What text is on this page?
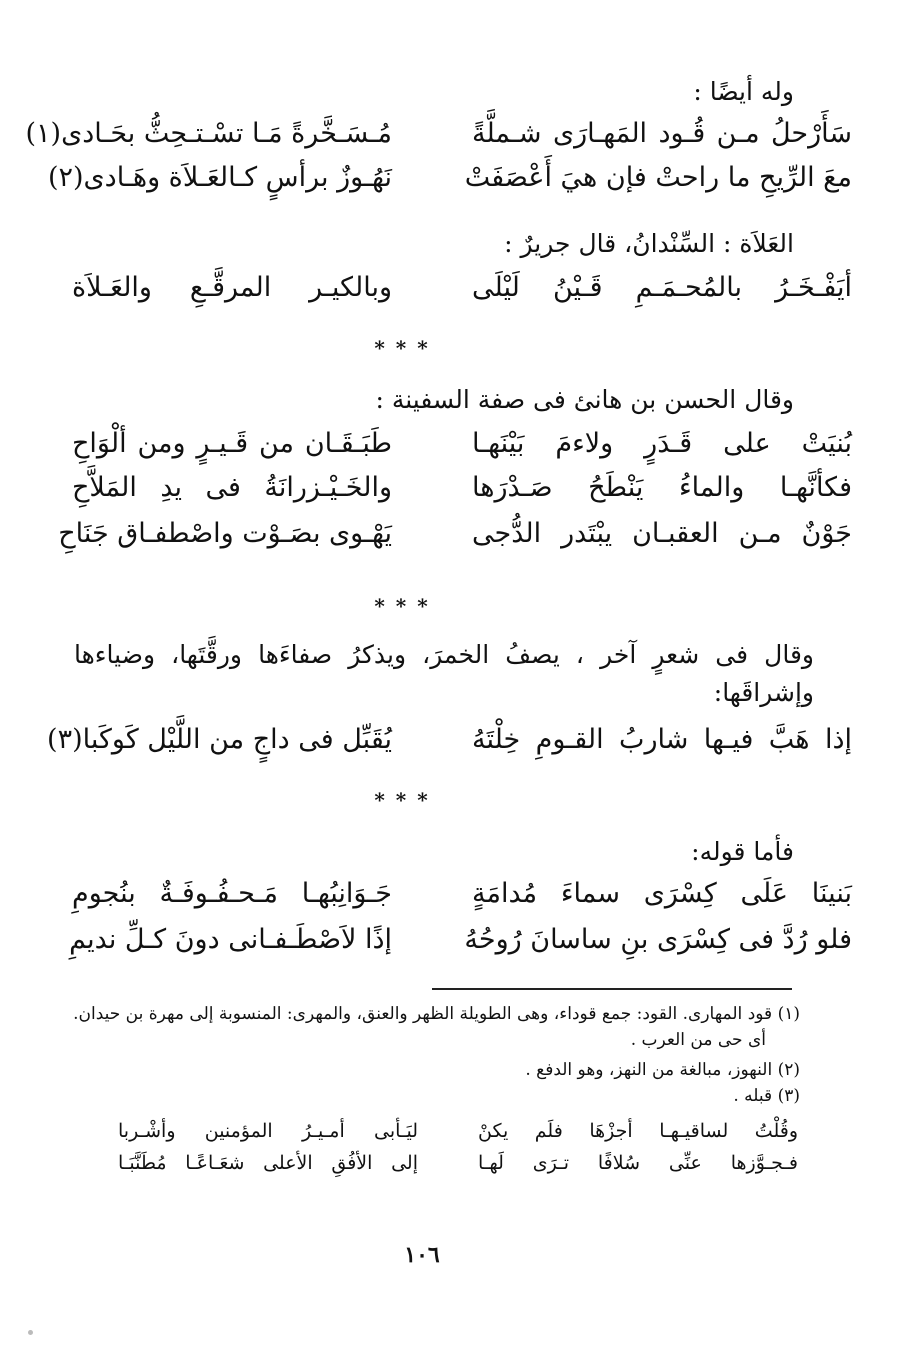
وله أيضًا :
سَأَرْحلُ مـن قُـود المَهـارَى شـملَّةً
مُـسَـخَّرةً مَـا تسْـتـحِثُّ بحَـادى(١)
معَ الرِّيحِ ما راحتْ فإن هيَ أَعْصَفَتْ
نَهُـوزٌ برأسٍ كـالعَـلاَة وهَـادى(٢)
العَلاَة : السِّنْدانُ، قال جريرٌ :
أيَفْـخَـرُ بالمُحـمَـمِ قَـيْنُ لَيْلَى
وبالكيـر المرقَّـعِ والعَـلاَة
* * *
وقال الحسن بن هانئ فى صفة السفينة :
بُنيَتْ على قَـدَرٍ ولاءمَ بَيْنَهـا
طَبَـقَـان من قَـيـرٍ ومن ألْوَاحِ
فكأنَّهـا والماءُ يَنْطَحُ صَـدْرَها
والخَـيْـزرانَةُ فى يدِ المَلاَّحِ
جَوْنٌ مـن العقبـان يبْتَدر الدُّجى
يَهْـوى بصَـوْت واصْطفـاق جَنَاحِ
* * *
وقال فى شعرٍ آخر ، يصفُ الخمرَ، ويذكرُ صفاءَها ورقَّتَها، وضياءها وإشراقَها:
إذا هَبَّ فيـها شاربُ القـومِ خِلْتَهُ
يُقَبِّل فى داجٍ من اللَّيْل كَوكَبا(٣)
* * *
فأما قوله:
بَنينَا عَلَى كِسْرَى سماءَ مُدامَةٍ
جَـوَانِبُهـا مَـحـفُـوفَـةٌ بنُجومِ
فلو رُدَّ فى كِسْرَى بنِ ساسانَ رُوحُهُ
إذًا لاَصْطَـفـانى دونَ كـلِّ نديمِ
(١) قود المهارى. القود: جمع قوداء، وهى الطويلة الظهر والعنق، والمهرى: المنسوبة إلى مهرة بن حيدان.
أى حى من العرب .
(٢) النهوز، مبالغة من النهز، وهو الدفع .
(٣) قبله .
وقُلْتُ لساقيـهـا أجزْهَا فلَم يكنْ
ليَـأبى أمـيـرُ المؤمنين وأشْـربا
فـجـوَّزها عنِّى سُلافًا تـرَى لَهـا
إلى الأفُقِ الأعلى شعَـاعًـا مُطَنَّبَـا
١٠٦
